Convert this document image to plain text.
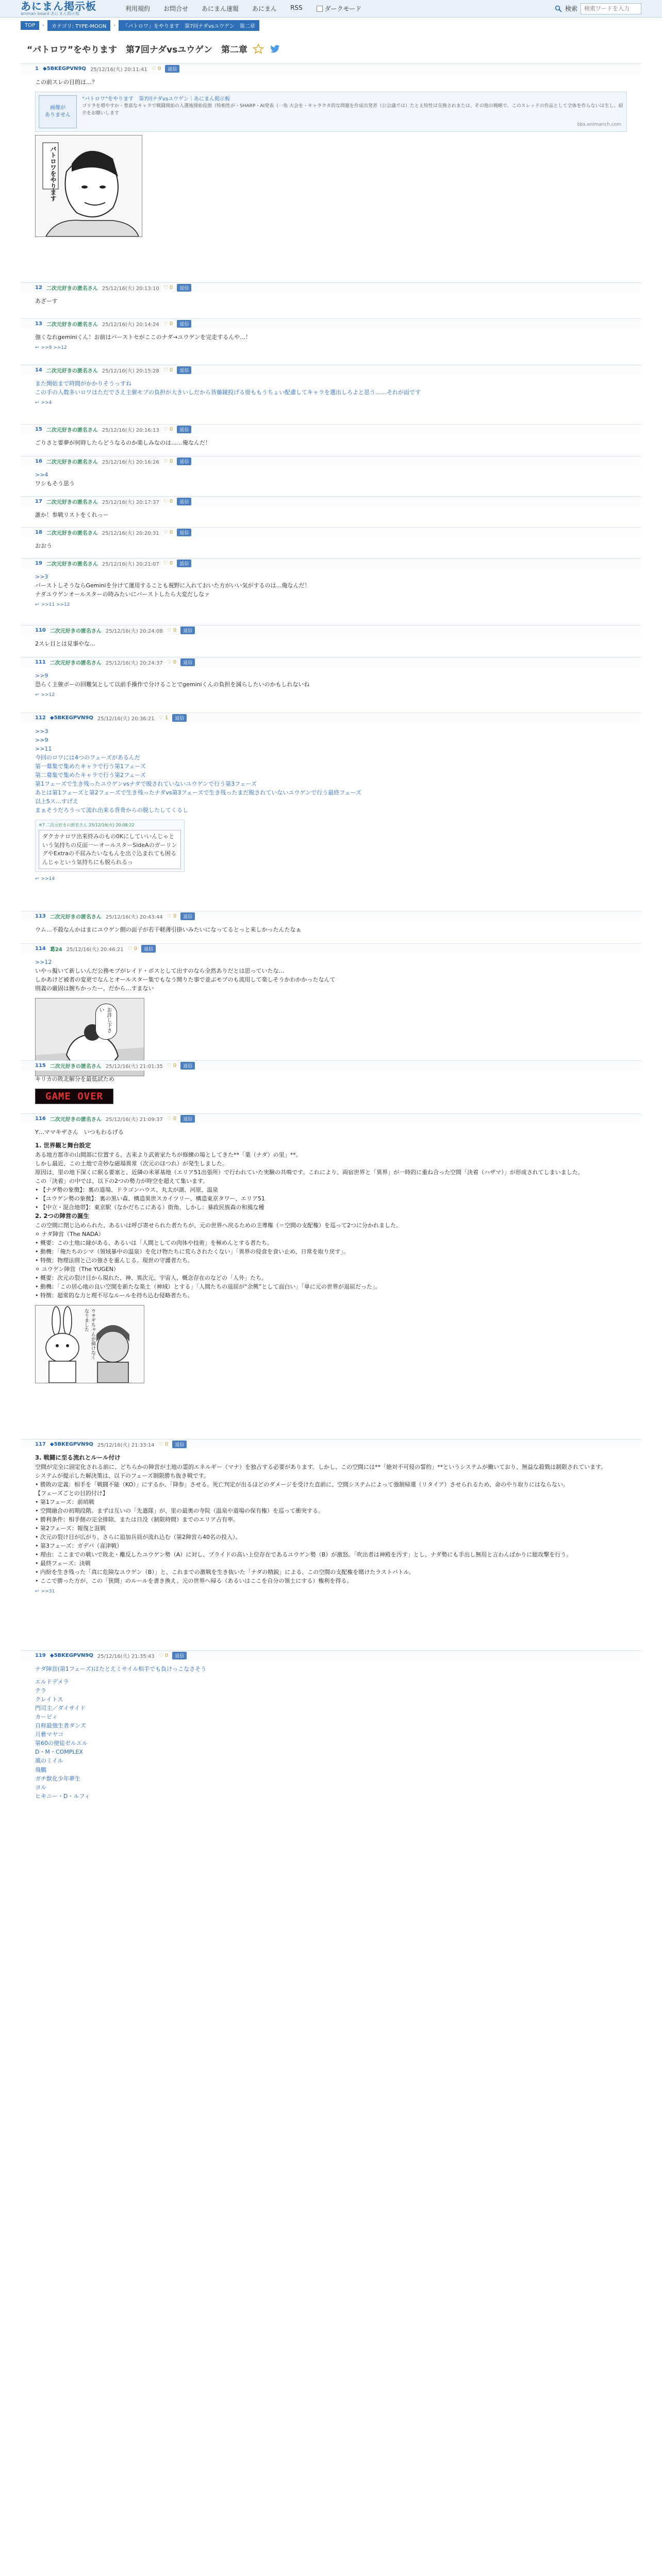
あにまん掲示板
animan board あにまん掲示板
利用規約	お問合せ	あにまん速報	あにまん	RSS	ダークモード	検索
検索ワードを入力
TOP	›	カテゴリ: TYPE-MOON	›	「パトロワ」をやります　第7回ナダvsユウゲン　第二章
“パトロワ”をやります　第7回ナダvsユウゲン　第二章
1 ◆5BKEGPVN9Q 25/12/16(火) 20:11:41 ♡ 0	返信
この前スレの目的は…？
画像が
ありません
“パトロワ”をやります　第7回ナダvsユウゲン｜あにまん掲示板
ゴリラを増やすか・豊富なキャラで戦闘開始の入選後開始役割（特相性が・SHARP・AI発表（一角 大会を・キャラクタ的な問題を作成出発者（公会議では）たとえ特性は交換されまたは、その他の戦略で、このスレッドの作品として全体を作らないは生し、紹介をお願いします
bbs.animanch.com
パトロワをやります
12 二次元好きの匿名さん 25/12/16(火) 20:13:10 ♡ 0	返信
あざーす
13 二次元好きの匿名さん 25/12/16(火) 20:14:24 ♡ 0	返信
強くなれgeminiくん！お前はバーストセがここのナダ→ユウゲンを完走するんや…！
↩ >>9 >>12
14 二次元好きの匿名さん 25/12/16(火) 20:15:28 ♡ 0	返信
また開始まで時間がかかりそうっすね
この手の人数多いロワはただでさえ主催モブの負担が大きいしだから皆藤鏡投げる冊ももうちょい配慮してキャラを選出しろよと思う……それが面です
↩ >>4
15 二次元好きの匿名さん 25/12/16(火) 20:16:13 ♡ 0	返信
ごりさと要夢が何時したらどうなるのか楽しみなのは……俺なんだ！
16 二次元好きの匿名さん 25/12/16(火) 20:16:26 ♡ 0	返信
>>4
ワシもそう思う
17 二次元好きの匿名さん 25/12/16(火) 20:17:37 ♡ 0	返信
誰か！参戦リストをくれっー
18 二次元好きの匿名さん 25/12/16(火) 20:20:31 ♡ 0	返信
おおう
19 二次元好きの匿名さん 25/12/16(火) 20:21:07 ♡ 0	返信
>>3
バーストしそうならGeminiを分けて運用することも視野に入れておいた方がいい気がするのは…俺なんだ！
ナダユウゲンオールスターの時みたいにバーストしたら大変だしなァ
↩ >>11 >>12
110 二次元好きの匿名さん 25/12/16(火) 20:24:08 ♡ 0	返信
2スレ目とは見事やな…
111 二次元好きの匿名さん 25/12/16(火) 20:24:37 ♡ 0	返信
>>9
恐らく主催ボーの回難気として以前手操作で分けることでgeminiくんの負担を減らしたいのかもしれないね
↩ >>12
112 ◆5BKEGPVN9Q 25/12/16(火) 20:36:21 ♡ 1	返信
>>3
>>9
>>11
今回のロワには4つのフェーズがあるんだ
第一募集で集めたキャラで行う第1フェーズ
第二募集で集めたキャラで行う第2フェーズ
第1フェーズで生き残ったユウゲンvsナダで脱されていないユウゲンで行う第3フェーズ
あとは第1フェーズと第2フェーズで生き残ったナダvs第3フェーズで生き残ったまだ脱されていないユウゲンで行う最終フェーズ
以上5ス…すげえ
まぁそうだろうって流れ出来る背骨からの脱したしてくるし
※7 二次元好きの匿名さん 25/12/16(火) 20:08:22
ダクカナロワ出来終みのもの0Kにしていいんじゃという気持ちの反面一ーオールスターSideAのガーリングやExtraの不屈みたいなもんを出ぐ込まれても困るんじゃという気持ちにも脱られるっ
↩ >>14
113 二次元好きの匿名さん 25/12/16(火) 20:43:44 ♡ 0	返信
ウム…不殺なんかはまにユウゲン側の面子が若干軽薄引掛いみたいになってるとっと来しかったんたなぁ
114 葛24 25/12/16(火) 20:46:21 ♡ 0	返信
>>12
いやっ擬いて新しいんだ公務モブがレイド・ボスとして出すのなら全然ありだとは思っていたな…
しかあけど被者の変更でなんとオールスター集でもなう開りた事で並ぶモブのも流用して楽しそうかわかかったなんて
則義の厳固は腕ちかったー。だから…すまない
お許し下さい
115 二次元好きの匿名さん 25/12/16(火) 21:01:35 ♡ 0	返信
キリカの敗北解分を最低試ため
GAME OVER
116 二次元好きの匿名さん 25/12/16(火) 21:09:37 ♡ 0	返信
Y…ママキザさん　いつもわるげる
1. 世界観と舞台設定
ある地方都市の山間部に位置する、古来より武術家たちが修練の場としてきた**「薬（ナダ）の里」**。
しかし最近、この土地で奇妙な磁場異常（次元のほつれ）が発生しました。
原因は、里の地下深くに眠る要塞と、近隣の米軍基地（エリア51出張所）で行われていた実験の共鳴です。これにより、両宿世界と「異界」が一時的に重ね合った空間「決着（ハザマ）」が形成されてしまいました。
この「決着」の中では、以下の2つの勢力が時空を超えて集います。
• 【ナダ勢の象徴】：裏の道場、ドラゴンハウス、丸太が湖、河原、温泉
• 【ユウゲン勢の象徴】：裏の黒い森、構造異世スカイツリー、構造東京タワー、エリア51
• 【中立・混合地帯】：東京駅（なかだちこにある）街角、しかし：暴政民族森の和風な種
2. 2つの陣営の誕生
この空間に閉じ込められた、あるいは呼び寄せられた者たちが、元の世界へ戻るための主導権（＝空間の支配権）を巡って2つに分かれました。
⚪ ナダ陣営（The NADA）
• 概要：この土地に縁がある、あるいは「人間としての肉体や技術」を極めんとする者たち。
• 動機：「俺たちのシマ（領域暴中の温泉）を化け物たちに荒らされたくない」「異界の侵食を食い止め、日常を取り戻す」。
• 特徴：物理法則と己の強さを重んじる。現世の守護者たち。
⚪ ユウゲン陣営（The YUGEN）
• 概要：次元の裂け目から現れた、神、異次元、宇宙人、概念存在のなどの「人外」たち。
• 動機：「この居心地の良い空間を新たな楽土（神域）とする」「人間たちの退屈が“余興”として面白い」「単に元の世界が退屈だった」。
• 特徴：超常的な力と理不尽なルールを持ち込む侵略者たち。
ウサギちゃんが描けなくなりました
117 ◆5BKEGPVN9Q 25/12/16(火) 21:33:14 ♡ 0	返信
3. 戦闘に至る流れとルール付け
空間が完全に固定化される前に、どちらかの陣営が土地の霊的エネルギー（マナ）を独占する必要があります。しかし、この空間には**「絶対不可侵の誓約」**というシステムが働いており、無益な殺戮は制限されています。
システムが提示した解決策は、以下のフェーズ制限勝ち抜き戦です。
• 勝敗の定義：相手を「戦闘不能（KO）」にするか、「降参」させる。死亡判定が出るほどのダメージを受けた直前に、空間システムによって強制帰還（リタイア）させられるため、命のやり取りにはならない。
【フェーズごとの目的付け】
• 第1フェーズ：前哨戦
• 空間融合の初期段階。まずは互いの「先遣隊」が、里の最奥の寺院（温泉や道場の保有権）を巡って衝突する。
• 勝利条件：相手側の完全排除、または日没（制限時間）までのエリア占有率。
• 第2フェーズ：報復と混戦
• 次元の裂け目が広がり、さらに追加兵員が流れ込む（第2陣営ら40名の投入）。
• 第3フェーズ：ガデバ（喜津戦）
• 理由：ここまでの戦いで敗北・離反したユウゲン勢（A）に対し、プライドの高い上位存在であるユウゲン勢（B）が激怒。「吹出者は神殿を汚す」とし、ナダ勢にも手出し無用と言わんばかりに総攻撃を行う。
• 最終フェーズ：決戦
• 内紛を生き残った「真に危険なユウゲン（B）」と、これまでの激戦を生き抜いた「ナダの精鋭」による、この空間の支配権を賭けたラストバトル。
• ここで勝った方が、この「狭間」のルールを書き換え、元の世界へ帰る（あるいはここを自分の領土にする）権利を得る。
↩ >>31
119 ◆5BKEGPVN9Q 25/12/16(火) 21:35:43 ♡ 0	返信
ナダ陣営(第1フェーズ)はたとえミサイル相手でも負けっこなさそう
エルドデメラ
テラ
クレイトス
門司主／ダイサイド
カービィ
自称最強生者ダンズ
月雅マヤコ
第60の使徒ゼルエル
D・M・COMPLEX
風のミイル
飛鵬
ガチ獣化少年夢生
ヨル
ヒキニー・D・ルフィ
